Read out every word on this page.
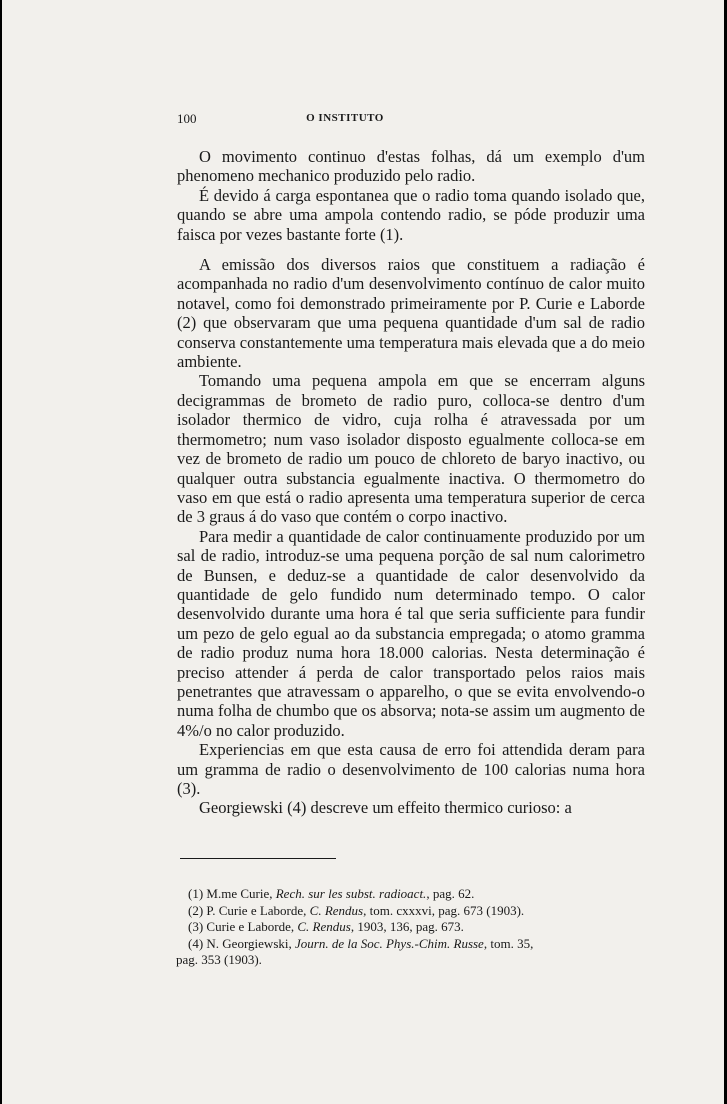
100	O INSTITUTO

O movimento continuo d'estas folhas, dá um exemplo d'um phenomeno mechanico produzido pelo radio.

É devido á carga espontanea que o radio toma quando isolado que, quando se abre uma ampola contendo radio, se póde produzir uma faisca por vezes bastante forte (1).

A emissão dos diversos raios que constituem a radiação é acompanhada no radio d'um desenvolvimento contínuo de calor muito notavel, como foi demonstrado primeiramente por P. Curie e Laborde (2) que observaram que uma pequena quantidade d'um sal de radio conserva constantemente uma temperatura mais elevada que a do meio ambiente.

Tomando uma pequena ampola em que se encerram alguns decigrammas de brometo de radio puro, colloca-se dentro d'um isolador thermico de vidro, cuja rolha é atravessada por um thermometro; num vaso isolador disposto egualmente colloca-se em vez de brometo de radio um pouco de chloreto de baryo inactivo, ou qualquer outra substancia egualmente inactiva. O thermometro do vaso em que está o radio apresenta uma temperatura superior de cerca de 3 graus á do vaso que contém o corpo inactivo.

Para medir a quantidade de calor continuamente produzido por um sal de radio, introduz-se uma pequena porção de sal num calorimetro de Bunsen, e deduz-se a quantidade de calor desenvolvido da quantidade de gelo fundido num determinado tempo. O calor desenvolvido durante uma hora é tal que seria sufficiente para fundir um pezo de gelo egual ao da substancia empregada; o atomo gramma de radio produz numa hora 18.000 calorias. Nesta determinação é preciso attender á perda de calor transportado pelos raios mais penetrantes que atravessam o apparelho, o que se evita envolvendo-o numa folha de chumbo que os absorva; nota-se assim um augmento de 4%/o no calor produzido.

Experiencias em que esta causa de erro foi attendida deram para um gramma de radio o desenvolvimento de 100 calorias numa hora (3).

Georgiewski (4) descreve um effeito thermico curioso: a

(1) M.me Curie, Rech. sur les subst. radioact., pag. 62.
(2) P. Curie e Laborde, C. Rendus, tom. cxxxvi, pag. 673 (1903).
(3) Curie e Laborde, C. Rendus, 1903, 136, pag. 673.
(4) N. Georgiewski, Journ. de la Soc. Phys.-Chim. Russe, tom. 35,
pag. 353 (1903).
